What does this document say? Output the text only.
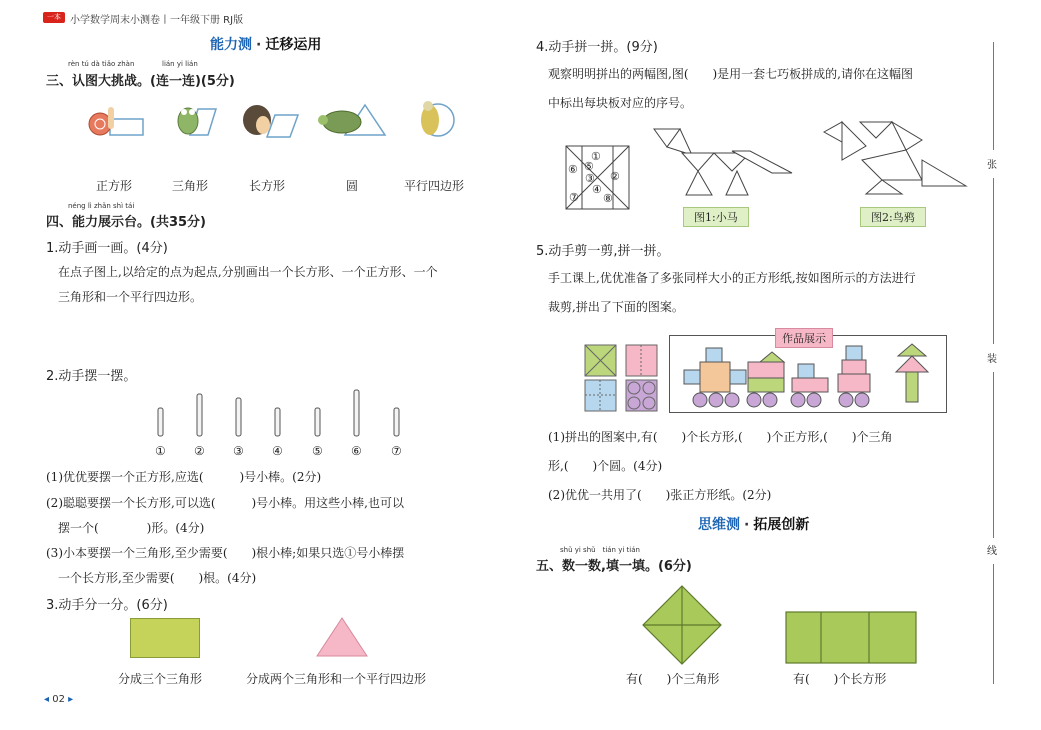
一本 小学数学周末小测卷丨一年级下册 RJ版
能力测 · 迁移运用
rèn tú dà tiǎo zhàn	lián yi lián
三、认图大挑战。(连一连)(5分)
正方形	三角形	长方形	圆	平行四边形
néng lì zhǎn shì tái
四、能力展示台。(共35分)
1.动手画一画。(4分)
在点子图上,以给定的点为起点,分别画出一个长方形、一个正方形、一个
三角形和一个平行四边形。
2.动手摆一摆。
① ② ③ ④ ⑤ ⑥ ⑦
(1)优优要摆一个正方形,应选(　　　)号小棒。(2分)
(2)聪聪要摆一个长方形,可以选(　　　)号小棒。用这些小棒,也可以
摆一个(　　　　)形。(4分)
(3)小本要摆一个三角形,至少需要(　　)根小棒;如果只选①号小棒摆
一个长方形,至少需要(　　)根。(4分)
3.动手分一分。(6分)
分成三个三角形	分成两个三角形和一个平行四边形
◂ 02 ▸
4.动手拼一拼。(9分)
观察明明拼出的两幅图,图(　　)是用一套七巧板拼成的,请你在这幅图
中标出每块板对应的序号。
①
②
③
④
⑤
⑥
⑦ ⑧
图1:小马	图2:鸟鸦
5.动手剪一剪,拼一拼。
手工课上,优优准备了多张同样大小的正方形纸,按如图所示的方法进行
裁剪,拼出了下面的图案。
作品展示
(1)拼出的图案中,有(　　)个长方形,(　　)个正方形,(　　)个三角
形,(　　)个圆。(4分)
(2)优优一共用了(　　)张正方形纸。(2分)
思维测 · 拓展创新
shǔ yi shǔ　tián yi tián
五、数一数,填一填。(6分)
有(　　)个三角形	有(　　)个长方形
张
装
线
